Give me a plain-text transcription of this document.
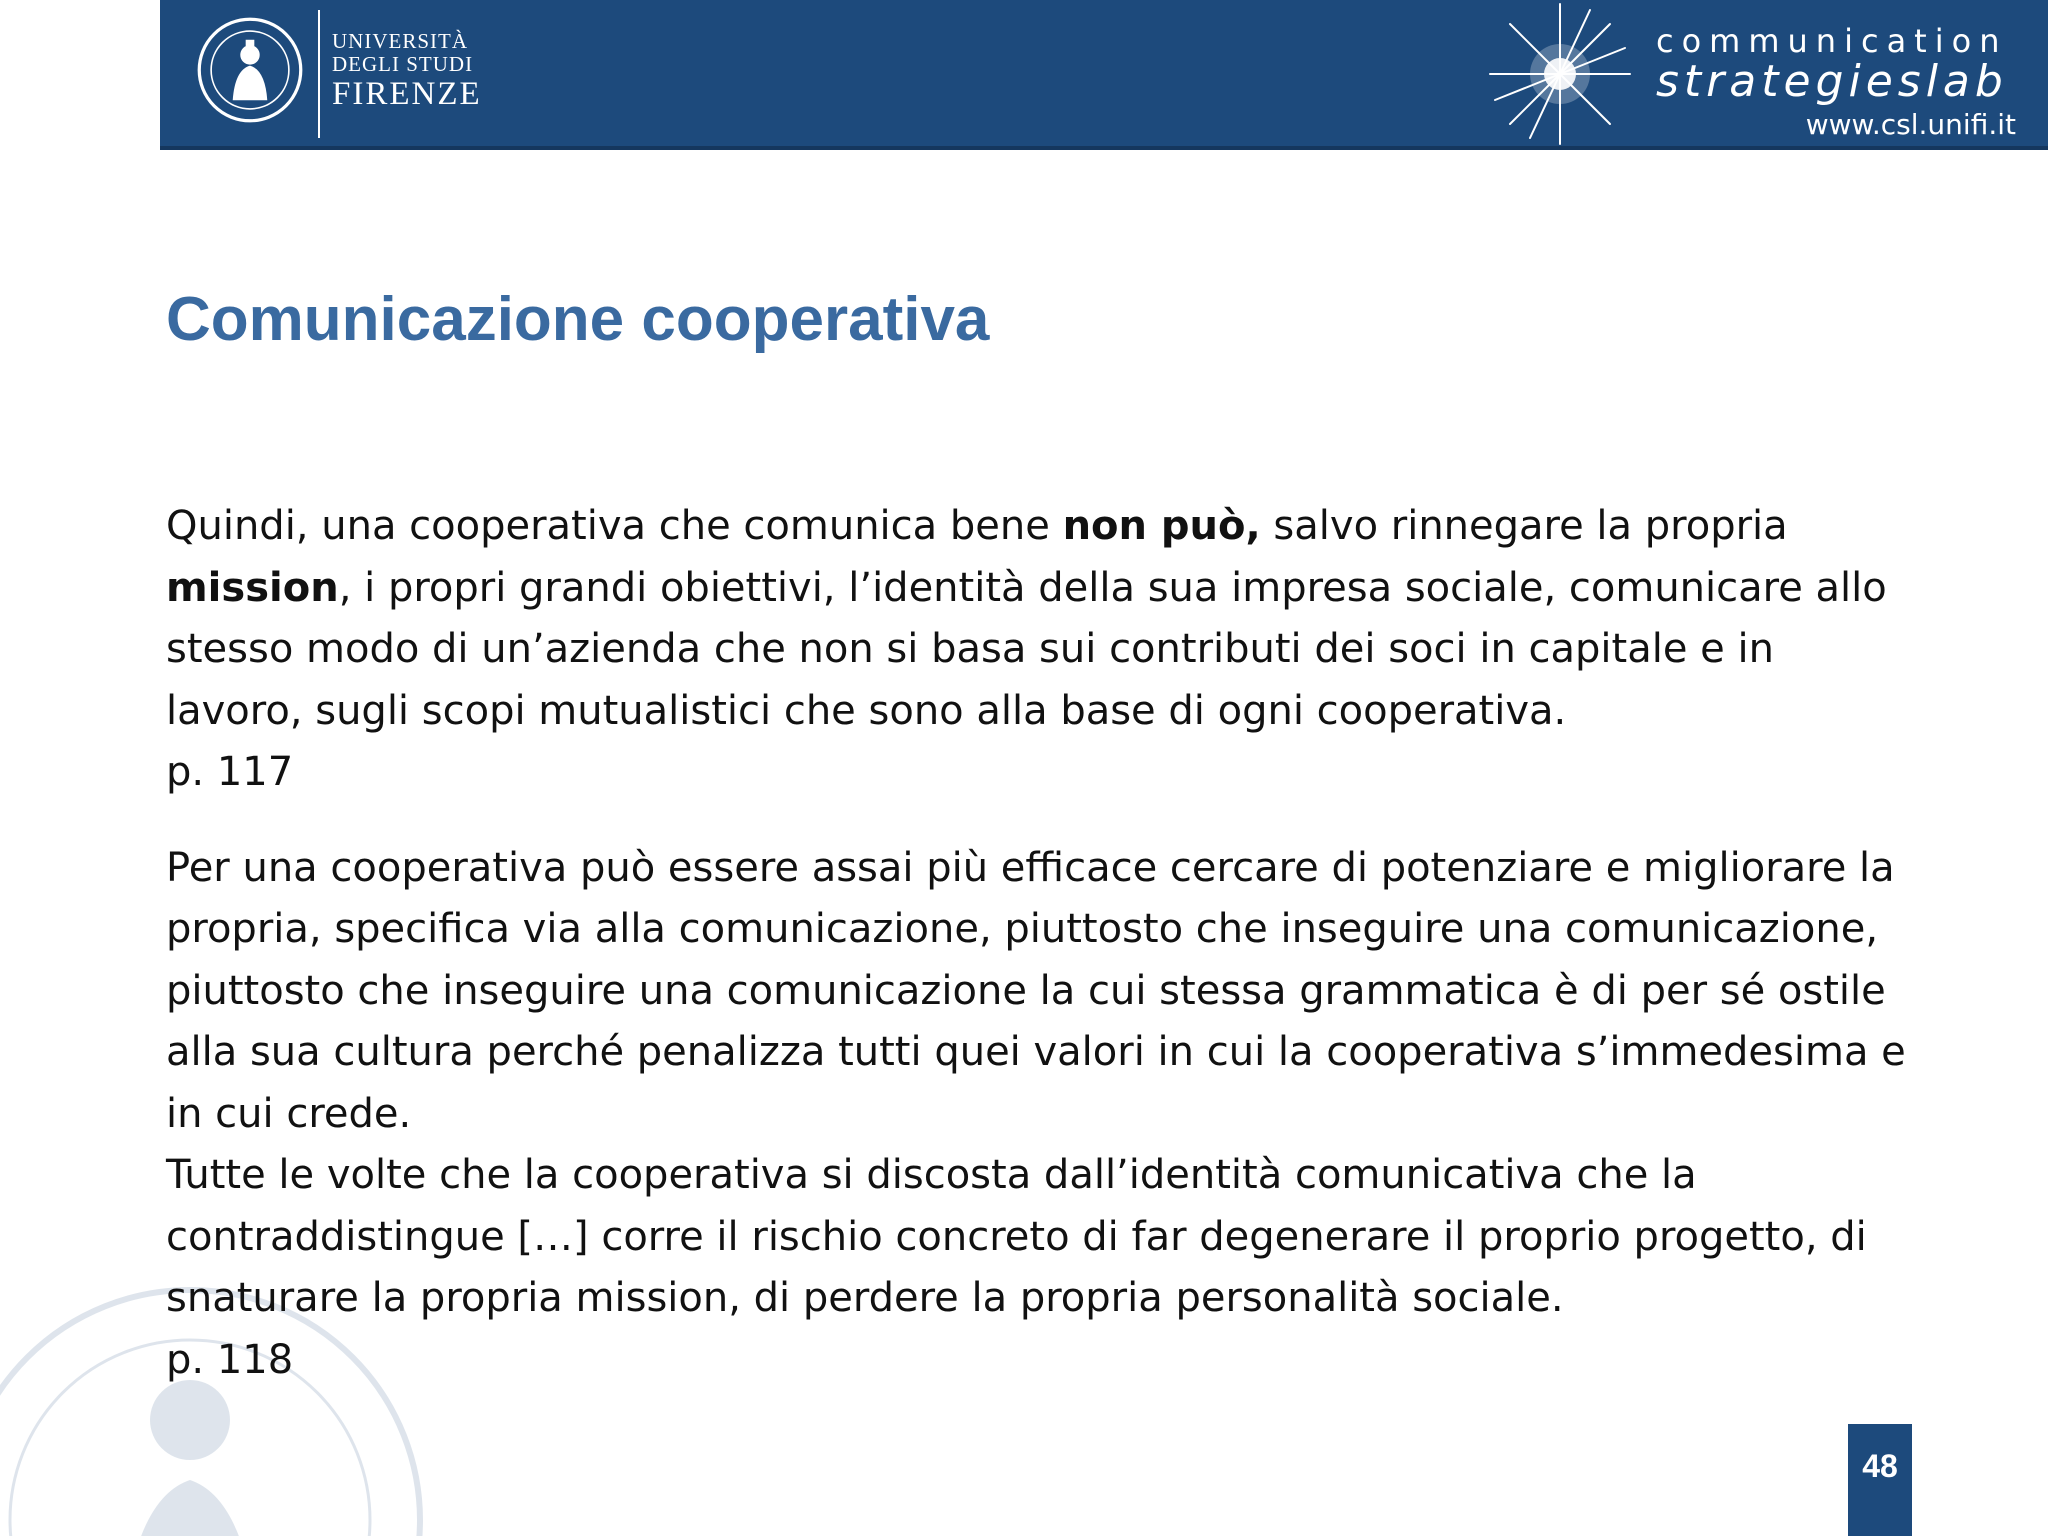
UNIVERSITÀ
DEGLI STUDI
FIRENZE
communication
strategieslab
www.csl.unifi.it
Comunicazione cooperativa

Quindi, una cooperativa che comunica bene non può, salvo rinnegare la propria mission, i propri grandi obiettivi, l’identità della sua impresa sociale, comunicare allo stesso modo di un’azienda che non si basa sui contributi dei soci in capitale e in lavoro, sugli scopi mutualistici che sono alla base di ogni cooperativa.

p. 117

Per una cooperativa può essere assai più efficace cercare di potenziare e migliorare la propria, specifica via alla comunicazione, piuttosto che inseguire una comunicazione, piuttosto che inseguire una comunicazione la cui stessa grammatica è di per sé ostile alla sua cultura perché penalizza tutti quei valori in cui la cooperativa s’immedesima e in cui crede.

Tutte le volte che la cooperativa si discosta dall’identità comunicativa che la contraddistingue […] corre il rischio concreto di far degenerare il proprio progetto, di snaturare la propria mission, di perdere la propria personalità sociale.

p. 118

48
